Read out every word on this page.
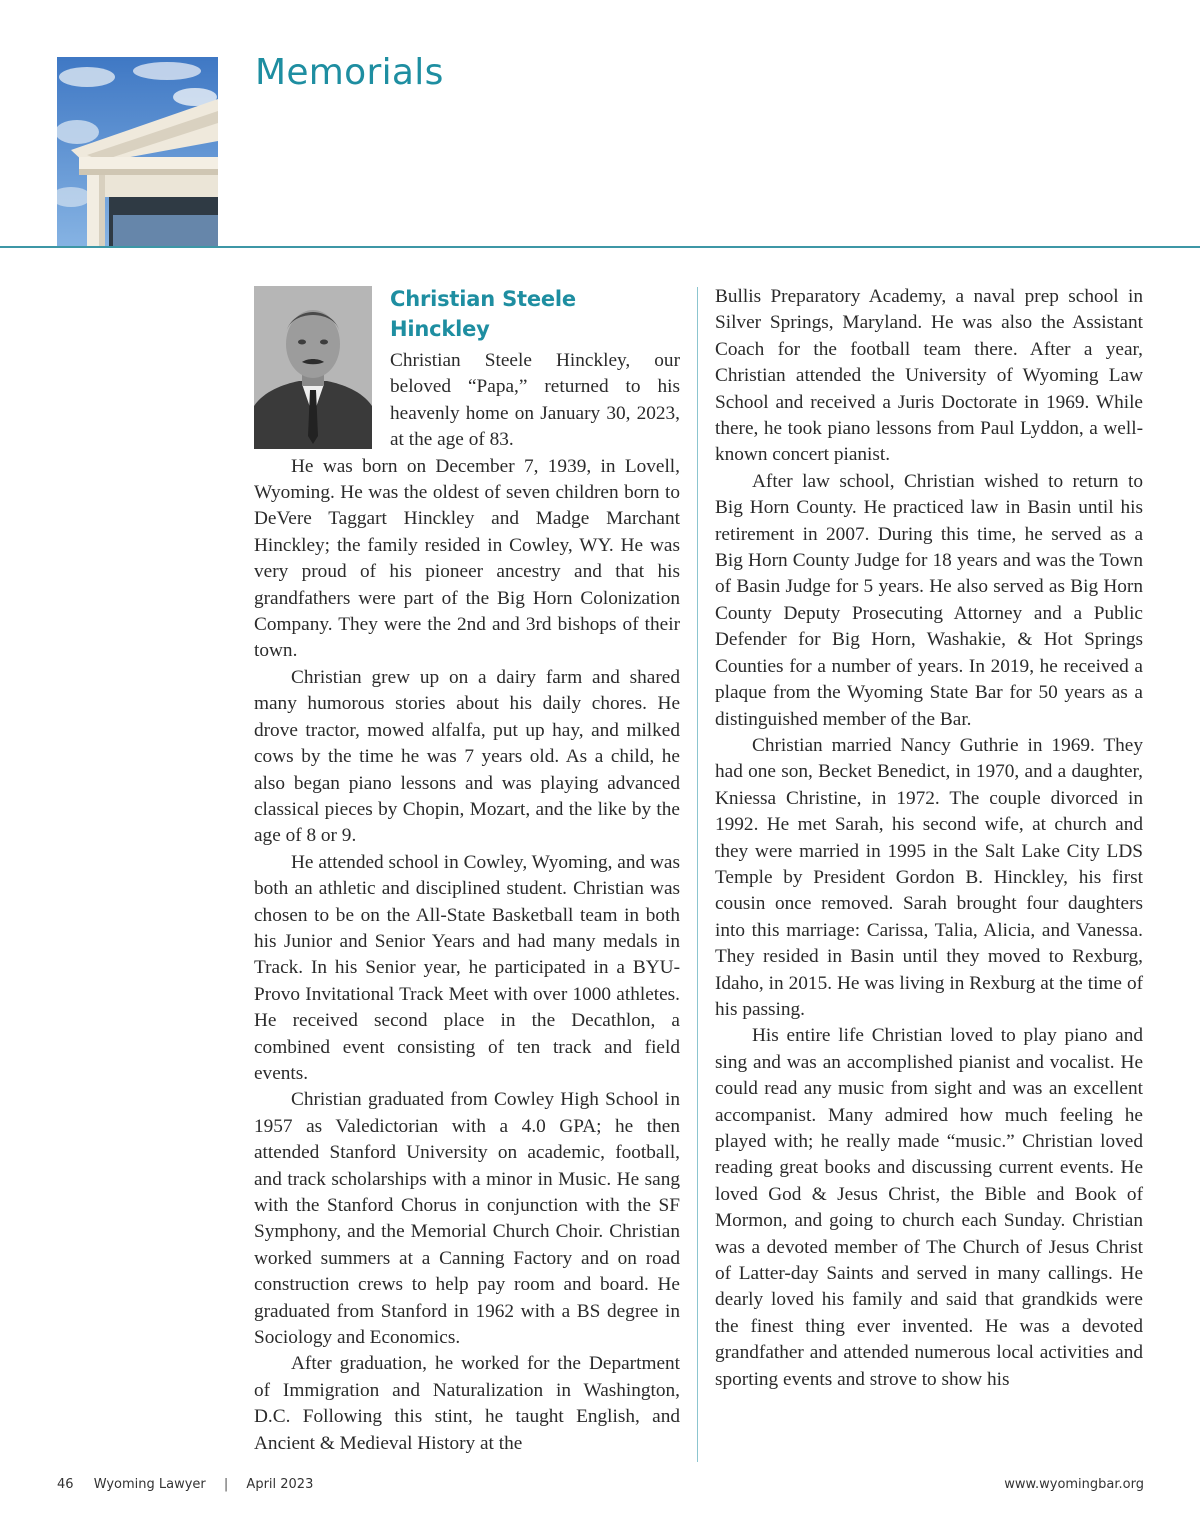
Memorials
Christian Steele Hinckley

Christian Steele Hinckley, our beloved “Papa,” returned to his heavenly home on January 30, 2023, at the age of 83.

He was born on December 7, 1939, in Lovell, Wyoming. He was the oldest of seven children born to DeVere Taggart Hinckley and Madge Marchant Hinckley; the family resided in Cowley, WY. He was very proud of his pioneer ancestry and that his grandfathers were part of the Big Horn Colonization Company. They were the 2nd and 3rd bishops of their town.

Christian grew up on a dairy farm and shared many humorous stories about his daily chores. He drove tractor, mowed alfalfa, put up hay, and milked cows by the time he was 7 years old. As a child, he also began piano lessons and was playing advanced classical pieces by Chopin, Mozart, and the like by the age of 8 or 9.

He attended school in Cowley, Wyoming, and was both an athletic and disciplined student. Christian was chosen to be on the All-State Basketball team in both his Junior and Senior Years and had many medals in Track. In his Senior year, he participated in a BYU-Provo Invitational Track Meet with over 1000 athletes. He received second place in the Decathlon, a combined event consisting of ten track and field events.

Christian graduated from Cowley High School in 1957 as Valedictorian with a 4.0 GPA; he then attended Stanford University on academic, football, and track scholarships with a minor in Music. He sang with the Stanford Chorus in conjunction with the SF Symphony, and the Memorial Church Choir. Christian worked summers at a Canning Factory and on road construction crews to help pay room and board. He graduated from Stanford in 1962 with a BS degree in Sociology and Economics.

After graduation, he worked for the Department of Immigration and Naturalization in Washington, D.C. Following this stint, he taught English, and Ancient & Medieval History at the

Bullis Preparatory Academy, a naval prep school in Silver Springs, Maryland. He was also the Assistant Coach for the football team there. After a year, Christian attended the University of Wyoming Law School and received a Juris Doctorate in 1969. While there, he took piano lessons from Paul Lyddon, a well-known concert pianist.

After law school, Christian wished to return to Big Horn County. He practiced law in Basin until his retirement in 2007. During this time, he served as a Big Horn County Judge for 18 years and was the Town of Basin Judge for 5 years. He also served as Big Horn County Deputy Prosecuting Attorney and a Public Defender for Big Horn, Washakie, & Hot Springs Counties for a number of years. In 2019, he received a plaque from the Wyoming State Bar for 50 years as a distinguished member of the Bar.

Christian married Nancy Guthrie in 1969. They had one son, Becket Benedict, in 1970, and a daughter, Kniessa Christine, in 1972. The couple divorced in 1992. He met Sarah, his second wife, at church and they were married in 1995 in the Salt Lake City LDS Temple by President Gordon B. Hinckley, his first cousin once removed. Sarah brought four daughters into this marriage: Carissa, Talia, Alicia, and Vanessa. They resided in Basin until they moved to Rexburg, Idaho, in 2015. He was living in Rexburg at the time of his passing.

His entire life Christian loved to play piano and sing and was an accomplished pianist and vocalist. He could read any music from sight and was an excellent accompanist. Many admired how much feeling he played with; he really made “music.” Christian loved reading great books and discussing current events. He loved God & Jesus Christ, the Bible and Book of Mormon, and going to church each Sunday. Christian was a devoted member of The Church of Jesus Christ of Latter-day Saints and served in many callings. He dearly loved his family and said that grandkids were the finest thing ever invented. He was a devoted grandfather and attended numerous local activities and sporting events and strove to show his

46 Wyoming Lawyer | April 2023	www.wyomingbar.org
